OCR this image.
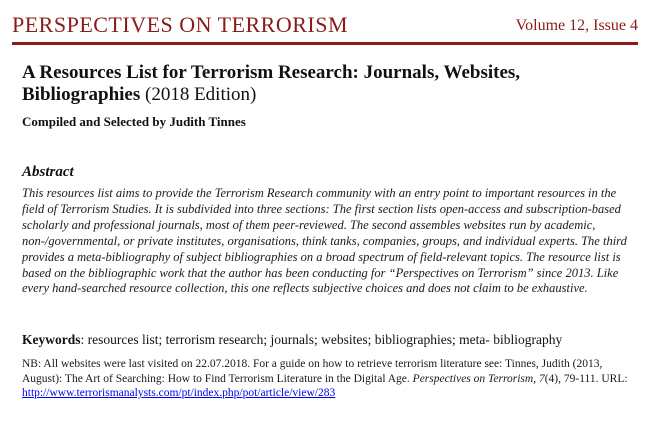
PERSPECTIVES ON TERRORISM	Volume 12, Issue 4
A Resources List for Terrorism Research: Journals, Websites, Bibliographies (2018 Edition)
Compiled and Selected by Judith Tinnes
Abstract
This resources list aims to provide the Terrorism Research community with an entry point to important resources in the field of Terrorism Studies. It is subdivided into three sections: The first section lists open-access and subscription-based scholarly and professional journals, most of them peer-reviewed. The second assembles websites run by academic, non-/governmental, or private institutes, organisations, think tanks, companies, groups, and individual experts. The third provides a meta-bibliography of subject bibliographies on a broad spectrum of field-relevant topics. The resource list is based on the bibliographic work that the author has been conducting for “Perspectives on Terrorism” since 2013. Like every hand-searched resource collection, this one reflects subjective choices and does not claim to be exhaustive.
Keywords: resources list; terrorism research; journals; websites; bibliographies; meta- bibliography
NB: All websites were last visited on 22.07.2018. For a guide on how to retrieve terrorism literature see: Tinnes, Judith (2013, August): The Art of Searching: How to Find Terrorism Literature in the Digital Age. Perspectives on Terrorism, 7(4), 79-111. URL: http://www.terrorismanalysts.com/pt/index.php/pot/article/view/283
